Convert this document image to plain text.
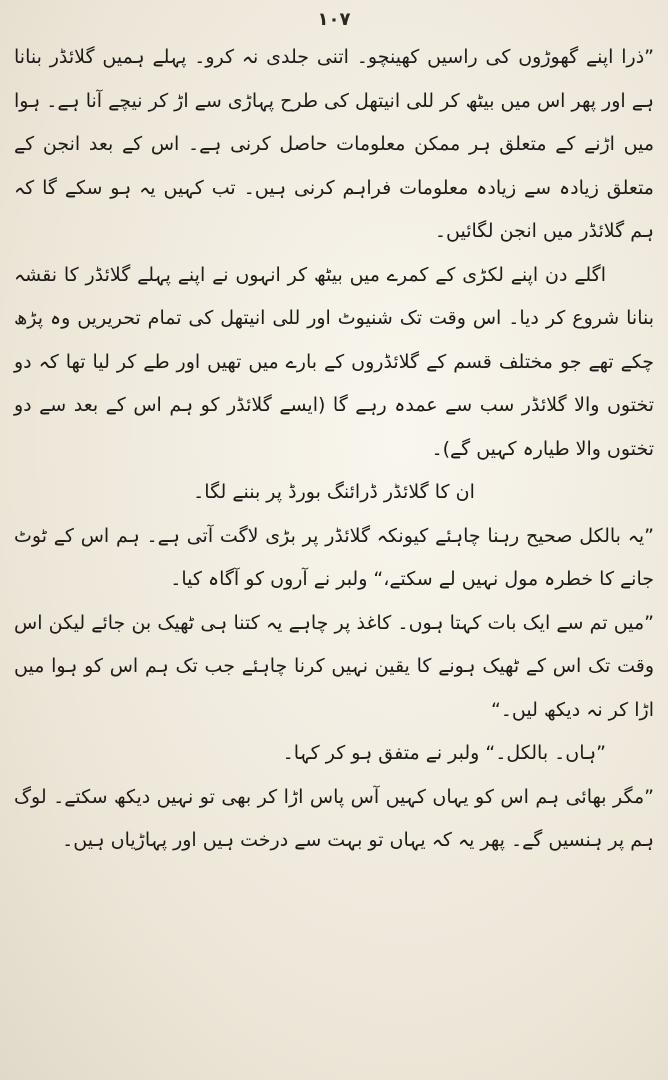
۱۰۷

”ذرا اپنے گھوڑوں کی راسیں کھینچو۔ اتنی جلدی نہ کرو۔ پہلے ہمیں گلائڈر بنانا ہے اور پھر اس میں بیٹھ کر للی انیتھل کی طرح پہاڑی سے اڑ کر نیچے آنا ہے۔ ہوا میں اڑنے کے متعلق ہر ممکن معلومات حاصل کرنی ہے۔ اس کے بعد انجن کے متعلق زیادہ سے زیادہ معلومات فراہم کرنی ہیں۔ تب کہیں یہ ہو سکے گا کہ ہم گلائڈر میں انجن لگائیں۔

اگلے دن اپنے لکڑی کے کمرے میں بیٹھ کر انہوں نے اپنے پہلے گلائڈر کا نقشہ بنانا شروع کر دیا۔ اس وقت تک شنیوٹ اور للی انیتھل کی تمام تحریریں وہ پڑھ چکے تھے جو مختلف قسم کے گلائڈروں کے بارے میں تھیں اور طے کر لیا تھا کہ دو تختوں والا گلائڈر سب سے عمدہ رہے گا (ایسے گلائڈر کو ہم اس کے بعد سے دو تختوں والا طیارہ کہیں گے)۔

ان کا گلائڈر ڈرائنگ بورڈ پر بننے لگا۔

”یہ بالکل صحیح رہنا چاہئے کیونکہ گلائڈر پر بڑی لاگت آتی ہے۔ ہم اس کے ٹوٹ جانے کا خطرہ مول نہیں لے سکتے،“ ولبر نے آروں کو آگاہ کیا۔

”میں تم سے ایک بات کہتا ہوں۔ کاغذ پر چاہے یہ کتنا ہی ٹھیک بن جائے لیکن اس وقت تک اس کے ٹھیک ہونے کا یقین نہیں کرنا چاہئے جب تک ہم اس کو ہوا میں اڑا کر نہ دیکھ لیں۔“

”ہاں۔ بالکل۔“ ولبر نے متفق ہو کر کہا۔

”مگر بھائی ہم اس کو یہاں کہیں آس پاس اڑا کر بھی تو نہیں دیکھ سکتے۔ لوگ ہم پر ہنسیں گے۔ پھر یہ کہ یہاں تو بہت سے درخت ہیں اور پہاڑیاں ہیں۔
